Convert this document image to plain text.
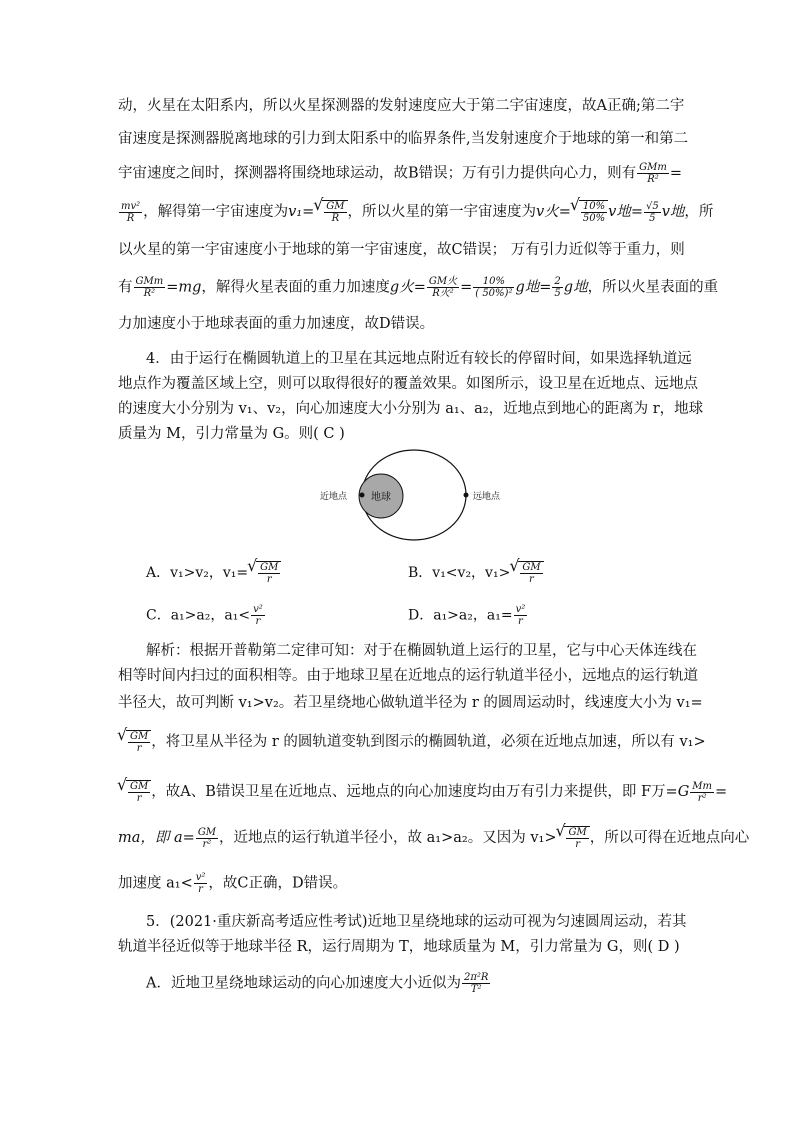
动，火星在太阳系内，所以火星探测器的发射速度应大于第二宇宙速度，故A正确;第二宇
宙速度是探测器脱离地球的引力到太阳系中的临界条件,当发射速度介于地球的第一和第二
宇宙速度之间时，探测器将围绕地球运动，故B错误；万有引力提供向心力，则有 $\frac{\text{GMm}}{\text{R²}}$ =
$\frac{\text{mv²}}{R}$ ，解得第一宇宙速度为v₁= √ $\frac{GM}{R}$ ，所以火星的第一宇宙速度为v火= √ $\frac{10\%}{50\%}$ v地= $\frac{√5}{5}$ v地，所
以火星的第一宇宙速度小于地球的第一宇宙速度，故C错误； 万有引力近似等于重力，则
有 $\frac{\text{GMm}}{\text{R²}} =mg$，解得火星表面的重力加速度g火= $\frac{\text{GM火}}{\text{R火²}} = \frac{10\%}{\text{( 50\%)²}}$ g地= $\frac{2}{5}$ g地，所以火星表面的重
力加速度小于地球表面的重力加速度，故D错误。
4．由于运行在椭圆轨道上的卫星在其远地点附近有较长的停留时间，如果选择轨道远
地点作为覆盖区域上空，则可以取得很好的覆盖效果。如图所示，设卫星在近地点、远地点
的速度大小分别为 v₁、v₂，向心加速度大小分别为 a₁、a₂，近地点到地心的距离为 r，地球
质量为 M，引力常量为 G。则( C )
地球
近地点	远地点
A．v₁>v₂，v₁= √ $\frac{GM}{r}$	B．v₁<v₂，v₁> √ $\frac{GM}{r}$
C．a₁>a₂，$a_1< \frac{\text{v²}}{r}$	D．a₁>a₂，$a_1= \frac{\text{v²}}{r}$
解析：根据开普勒第二定律可知：对于在椭圆轨道上运行的卫星，它与中心天体连线在
相等时间内扫过的面积相等。由于地球卫星在近地点的运行轨道半径小，远地点的运行轨道
半径大，故可判断 v₁>v₂。若卫星绕地心做轨道半径为 r 的圆周运动时，线速度大小为 v₁=
√ $\frac{GM}{r}$ ，将卫星从半径为 r 的圆轨道变轨到图示的椭圆轨道，必须在近地点加速，所以有 v₁>
√ $\frac{GM}{r}$ ，故A、B错误卫星在近地点、远地点的向心加速度均由万有引力来提供，即 F万$=G \frac{Mm}{\text{r²}}$ =
ma，即 $a= \frac{GM}{\text{r²}}$ ，近地点的运行轨道半径小，故 a₁>a₂。又因为 v₁> √ $\frac{GM}{r}$ ，所以可得在近地点向心
加速度 $a_1< \frac{\text{v²}}{r}$ ，故C正确，D错误。
5．(2021·重庆新高考适应性考试)近地卫星绕地球的运动可视为匀速圆周运动，若其
轨道半径近似等于地球半径 R，运行周期为 T，地球质量为 M，引力常量为 G，则( D )
A．近地卫星绕地球运动的向心加速度大小近似为 $\frac{\text{2π²R}}{\text{T²}}$
